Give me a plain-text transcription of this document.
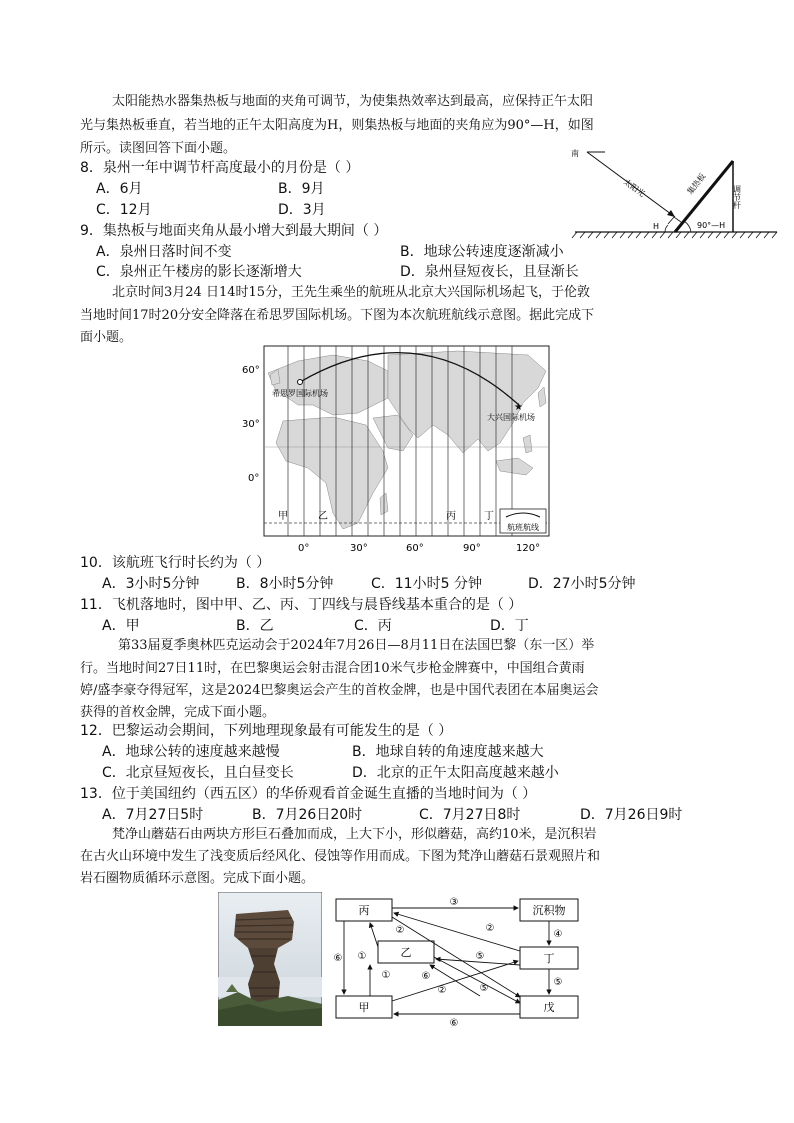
太阳能热水器集热板与地面的夹角可调节，为使集热效率达到最高，应保持正午太阳
光与集热板垂直，若当地的正午太阳高度为H，则集热板与地面的夹角应为90°—H，如图
所示。读图回答下面小题。	南
太阳光	集热板
调节杆
90°—H
H
8．泉州一年中调节杆高度最小的月份是（ ）
A．6月	B．9月
C．12月	D．3月
9．集热板与地面夹角从最小增大到最大期间（ ）
A．泉州日落时间不变	B．地球公转速度逐渐减小
C．泉州正午楼房的影长逐渐增大	D．泉州昼短夜长，且昼渐长
北京时间3月24 日14时15分，王先生乘坐的航班从北京大兴国际机场起飞，于伦敦
当地时间17时20分安全降落在希思罗国际机场。下图为本次航班航线示意图。据此完成下
面小题。
★
希思罗国际机场
大兴国际机场
60°
30°
0°
0°	30°	60°	90°	120°
甲	乙	丙	丁
航班航线
10．该航班飞行时长约为（ ）
A．3小时5分钟	B．8小时5分钟	C．11小时5 分钟	D．27小时5分钟
11．飞机落地时，图中甲、乙、丙、丁四线与晨昏线基本重合的是（ ）
A．甲	B．乙	C．丙	D．丁
第33届夏季奥林匹克运动会于2024年7月26日—8月11日在法国巴黎（东一区）举
行。当地时间27日11时，在巴黎奥运会射击混合团10米气步枪金牌赛中，中国组合黄雨
婷/盛李豪夺得冠军，这是2024巴黎奥运会产生的首枚金牌，也是中国代表团在本届奥运会
获得的首枚金牌，完成下面小题。
12．巴黎运动会期间，下列地理现象最有可能发生的是（ ）
A．地球公转的速度越来越慢	B．地球自转的角速度越来越大
C．北京昼短夜长，且白昼变长	D．北京的正午太阳高度越来越小
13．位于美国纽约（西五区）的华侨观看首金诞生直播的当地时间为（ ）
A．7月27日5时	B．7月26日20时	C．7月27日8时	D．7月26日9时
梵净山蘑菇石由两块方形巨石叠加而成，上大下小，形似蘑菇，高约10米，是沉积岩
在古火山环境中发生了浅变质后经风化、侵蚀等作用而成。下图为梵净山蘑菇石景观照片和
岩石圈物质循环示意图。完成下面小题。
丙
乙
甲
沉积物
丁
戊
③
④
⑤
⑥
⑥ ①
①
②	②
②
⑥
⑤
⑤
